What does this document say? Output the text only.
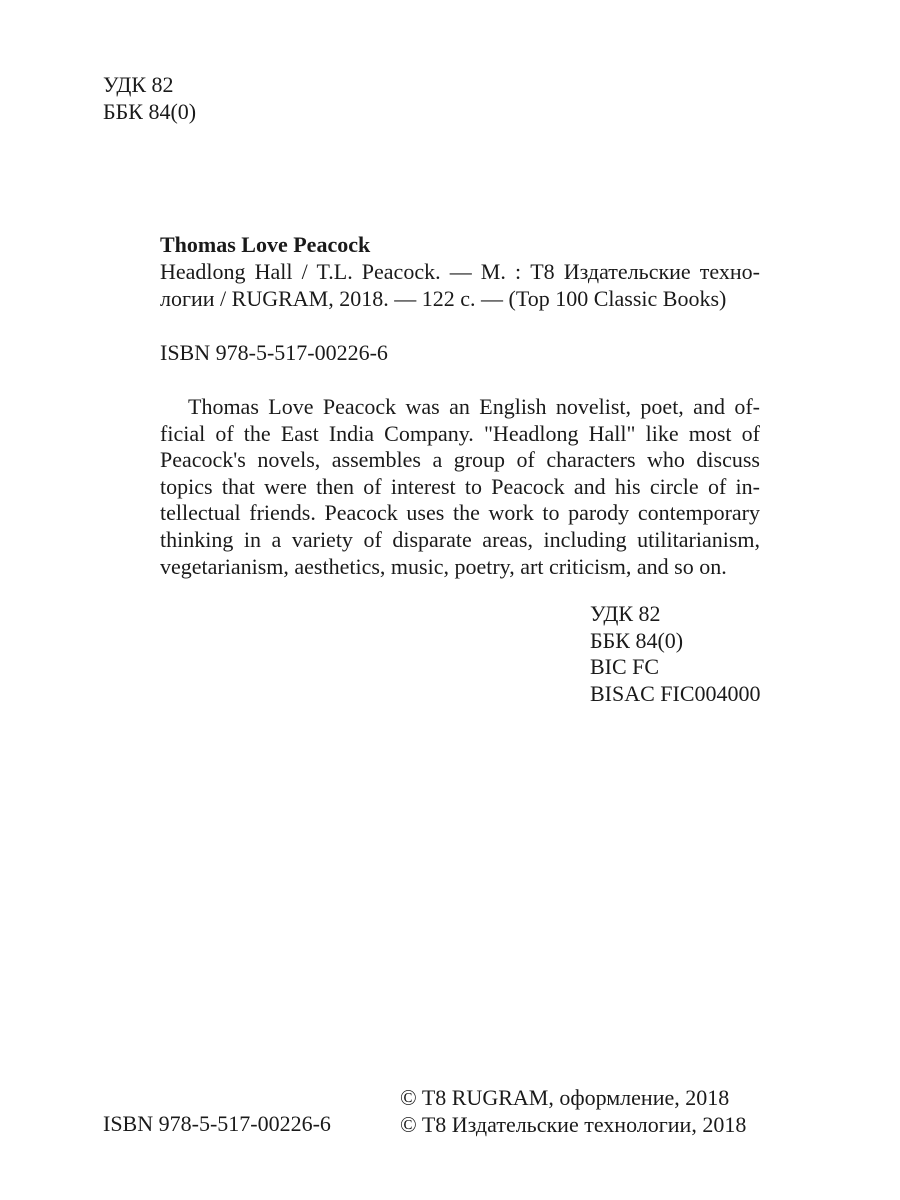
УДК 82
ББК 84(0)
Thomas Love Peacock
Headlong Hall / T.L. Peacock. — М. : T8 Издательские техно-
логии / RUGRAM, 2018. — 122 с. — (Top 100 Classic Books)
ISBN 978-5-517-00226-6
Thomas Love Peacock was an English novelist, poet, and of-
ficial of the East India Company. "Headlong Hall" like most of
Peacock's novels, assembles a group of characters who discuss
topics that were then of interest to Peacock and his circle of in-
tellectual friends. Peacock uses the work to parody contemporary
thinking in a variety of disparate areas, including utilitarianism,
vegetarianism, aesthetics, music, poetry, art criticism, and so on.
УДК 82
ББК 84(0)
BIC FC
BISAC FIC004000
© T8 RUGRAM, оформление, 2018
© T8 Издательские технологии, 2018
ISBN 978-5-517-00226-6
